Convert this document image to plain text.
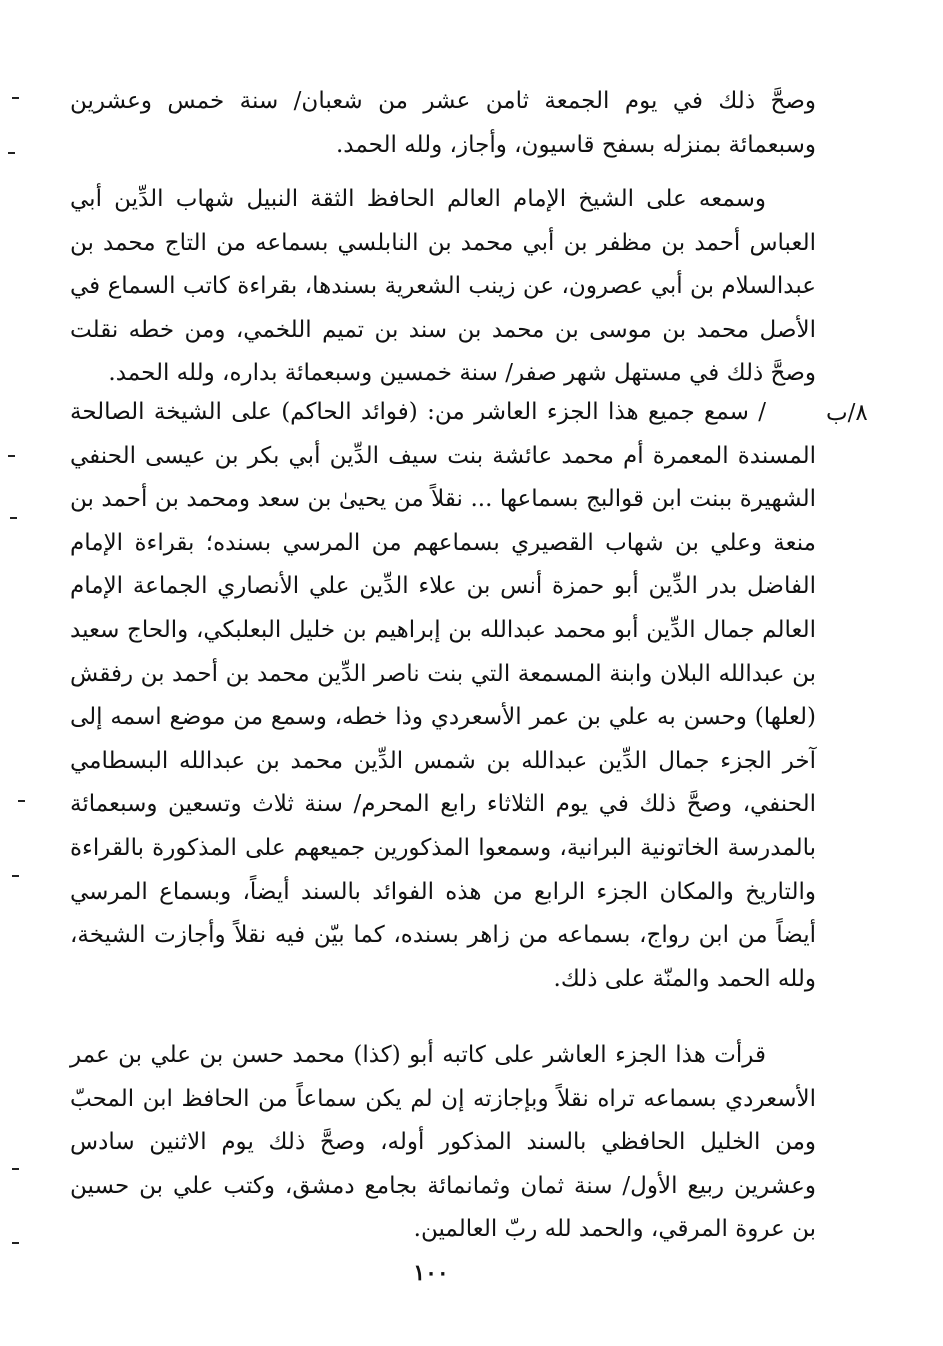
وصحَّ ذلك في يوم الجمعة ثامن عشر من شعبان/ سنة خمس وعشرين وسبعمائة بمنزله بسفح قاسيون، وأجاز، ولله الحمد.

وسمعه على الشيخ الإمام العالم الحافظ الثقة النبيل شهاب الدِّين أبي العباس أحمد بن مظفر بن أبي محمد بن النابلسي بسماعه من التاج محمد بن عبدالسلام بن أبي عصرون، عن زينب الشعرية بسندها، بقراءة كاتب السماع في الأصل محمد بن موسى بن محمد بن سند بن تميم اللخمي، ومن خطه نقلت وصحَّ ذلك في مستهل شهر صفر/ سنة خمسين وسبعمائة بداره، ولله الحمد.

/ سمع جميع هذا الجزء العاشر من: (فوائد الحاكم) على الشيخة الصالحة المسندة المعمرة أم محمد عائشة بنت سيف الدِّين أبي بكر بن عيسى الحنفي الشهيرة ببنت ابن قوالبج بسماعها ... نقلاً من يحيىٰ بن سعد ومحمد بن أحمد بن منعة وعلي بن شهاب القصيري بسماعهم من المرسي بسنده؛ بقراءة الإمام الفاضل بدر الدِّين أبو حمزة أنس بن علاء الدِّين علي الأنصاري الجماعة الإمام العالم جمال الدِّين أبو محمد عبدالله بن إبراهيم بن خليل البعلبكي، والحاج سعيد بن عبدالله البلان وابنة المسمعة التي بنت ناصر الدِّين محمد بن أحمد بن رفقش (لعلها) وحسن به علي بن عمر الأسعردي وذا خطه، وسمع من موضع اسمه إلى آخر الجزء جمال الدِّين عبدالله بن شمس الدِّين محمد بن عبدالله البسطامي الحنفي، وصحَّ ذلك في يوم الثلاثاء رابع المحرم/ سنة ثلاث وتسعين وسبعمائة بالمدرسة الخاتونية البرانية، وسمعوا المذكورين جميعهم على المذكورة بالقراءة والتاريخ والمكان الجزء الرابع من هذه الفوائد بالسند أيضاً، وبسماع المرسي أيضاً من ابن رواج، بسماعه من زاهر بسنده، كما بيّن فيه نقلاً وأجازت الشيخة، ولله الحمد والمنّة على ذلك.

قرأت هذا الجزء العاشر على كاتبه أبو (كذا) محمد حسن بن علي بن عمر الأسعردي بسماعه تراه نقلاً وبإجازته إن لم يكن سماعاً من الحافظ ابن المحبّ ومن الخليل الحافظي بالسند المذكور أوله، وصحَّ ذلك يوم الاثنين سادس وعشرين ربيع الأول/ سنة ثمان وثمانمائة بجامع دمشق، وكتب علي بن حسين بن عروة المرقي، والحمد لله ربّ العالمين.

٨/ب
١٠٠
